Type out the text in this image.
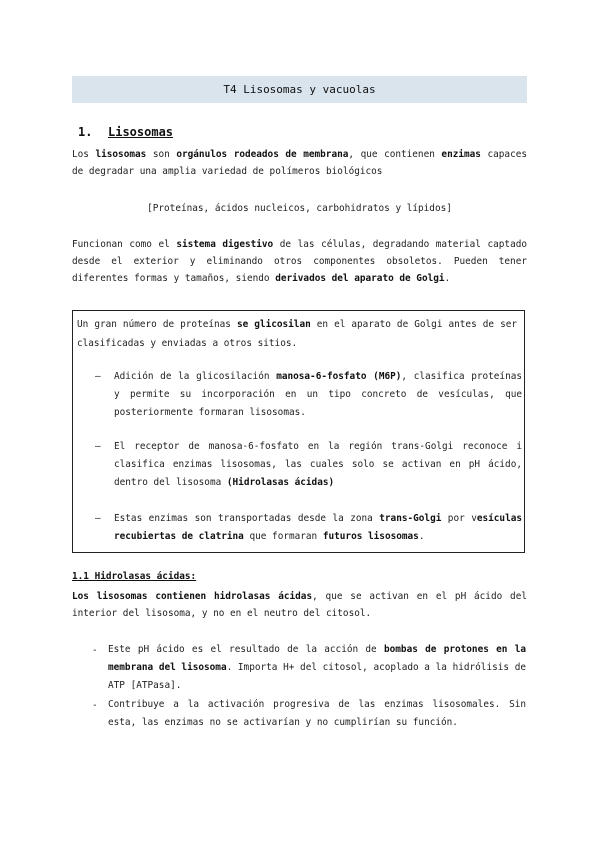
T4 Lisosomas y vacuolas
1. Lisosomas

Los lisosomas son orgánulos rodeados de membrana, que contienen enzimas capaces de degradar una amplia variedad de polímeros biológicos

[Proteínas, ácidos nucleicos, carbohidratos y lípidos]

Funcionan como el sistema digestivo de las células, degradando material captado desde el exterior y eliminando otros componentes obsoletos. Pueden tener diferentes formas y tamaños, siendo derivados del aparato de Golgi.

Un gran número de proteínas se glicosilan en el aparato de Golgi antes de ser clasificadas y enviadas a otros sitios.

– Adición de la glicosilación manosa-6-fosfato (M6P), clasifica proteínas y permite su incorporación en un tipo concreto de vesículas, que posteriormente formaran lisosomas.

– El receptor de manosa-6-fosfato en la región trans-Golgi reconoce i clasifica enzimas lisosomas, las cuales solo se activan en pH ácido, dentro del lisosoma (Hidrolasas ácidas)

– Estas enzimas son transportadas desde la zona trans-Golgi por vesículas recubiertas de clatrina que formaran futuros lisosomas.

1.1 Hidrolasas ácidas:

Los lisosomas contienen hidrolasas ácidas, que se activan en el pH ácido del interior del lisosoma, y no en el neutro del citosol.

- Este pH ácido es el resultado de la acción de bombas de protones en la membrana del lisosoma. Importa H+ del citosol, acoplado a la hidrólisis de ATP [ATPasa].

- Contribuye a la activación progresiva de las enzimas lisosomales. Sin esta, las enzimas no se activarían y no cumplirían su función.
